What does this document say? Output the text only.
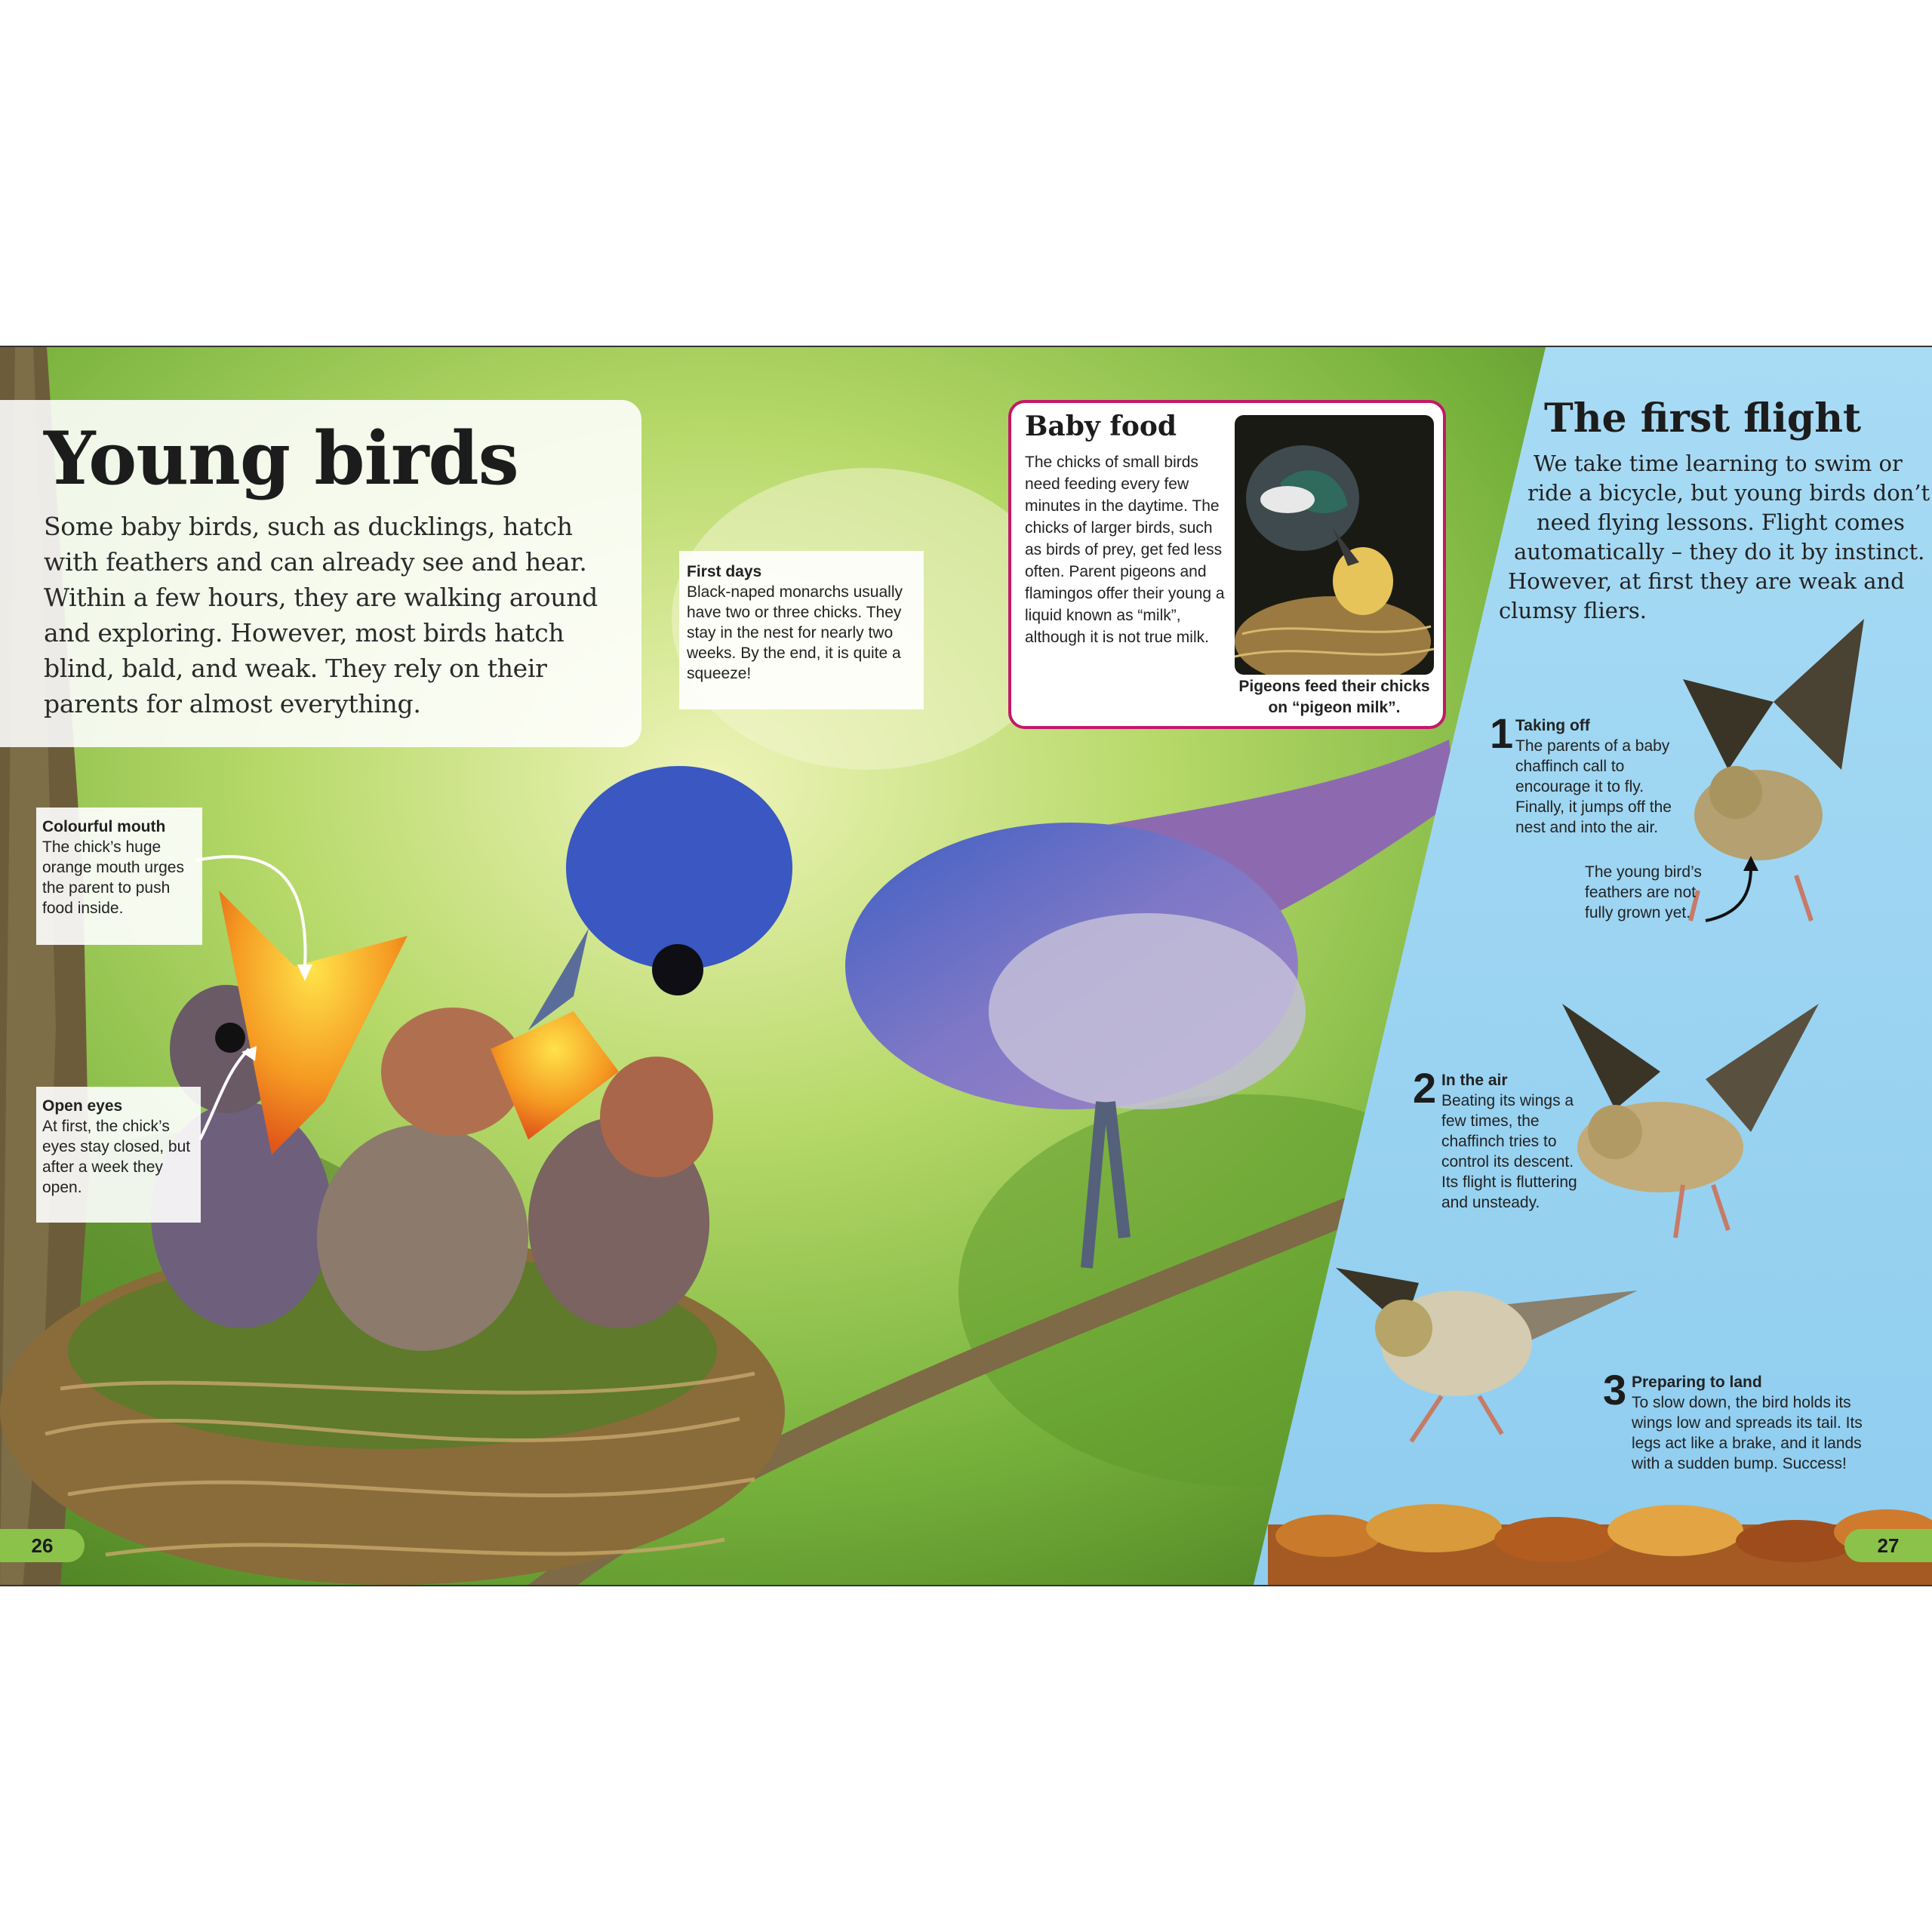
Young birds

Some baby birds, such as ducklings, hatch with feathers and can already see and hear. Within a few hours, they are walking around and exploring. However, most birds hatch blind, bald, and weak. They rely on their parents for almost everything.

First days
Black-naped monarchs usually have two or three chicks. They stay in the nest for nearly two weeks. By the end, it is quite a squeeze!
Colourful mouth
The chick’s huge orange mouth urges the parent to push food inside.
Open eyes
At first, the chick’s eyes stay closed, but after a week they open.
Baby food
The chicks of small birds need feeding every few minutes in the daytime. The chicks of larger birds, such as birds of prey, get fed less often. Parent pigeons and flamingos offer their young a liquid known as “milk”, although it is not true milk.
Pigeons feed their chicks on “pigeon milk”.
The first flight
We take time learning to swim or
ride a bicycle, but young birds don’t
need flying lessons. Flight comes
automatically – they do it by instinct.
However, at first they are weak and
clumsy fliers.
1 Taking off
The parents of a baby chaffinch call to encourage it to fly. Finally, it jumps off the nest and into the air.
The young bird’s feathers are not fully grown yet.
2 In the air
Beating its wings a few times, the chaffinch tries to control its descent. Its flight is fluttering and unsteady.
3 Preparing to land
To slow down, the bird holds its wings low and spreads its tail. Its legs act like a brake, and it lands with a sudden bump. Success!
26	27
